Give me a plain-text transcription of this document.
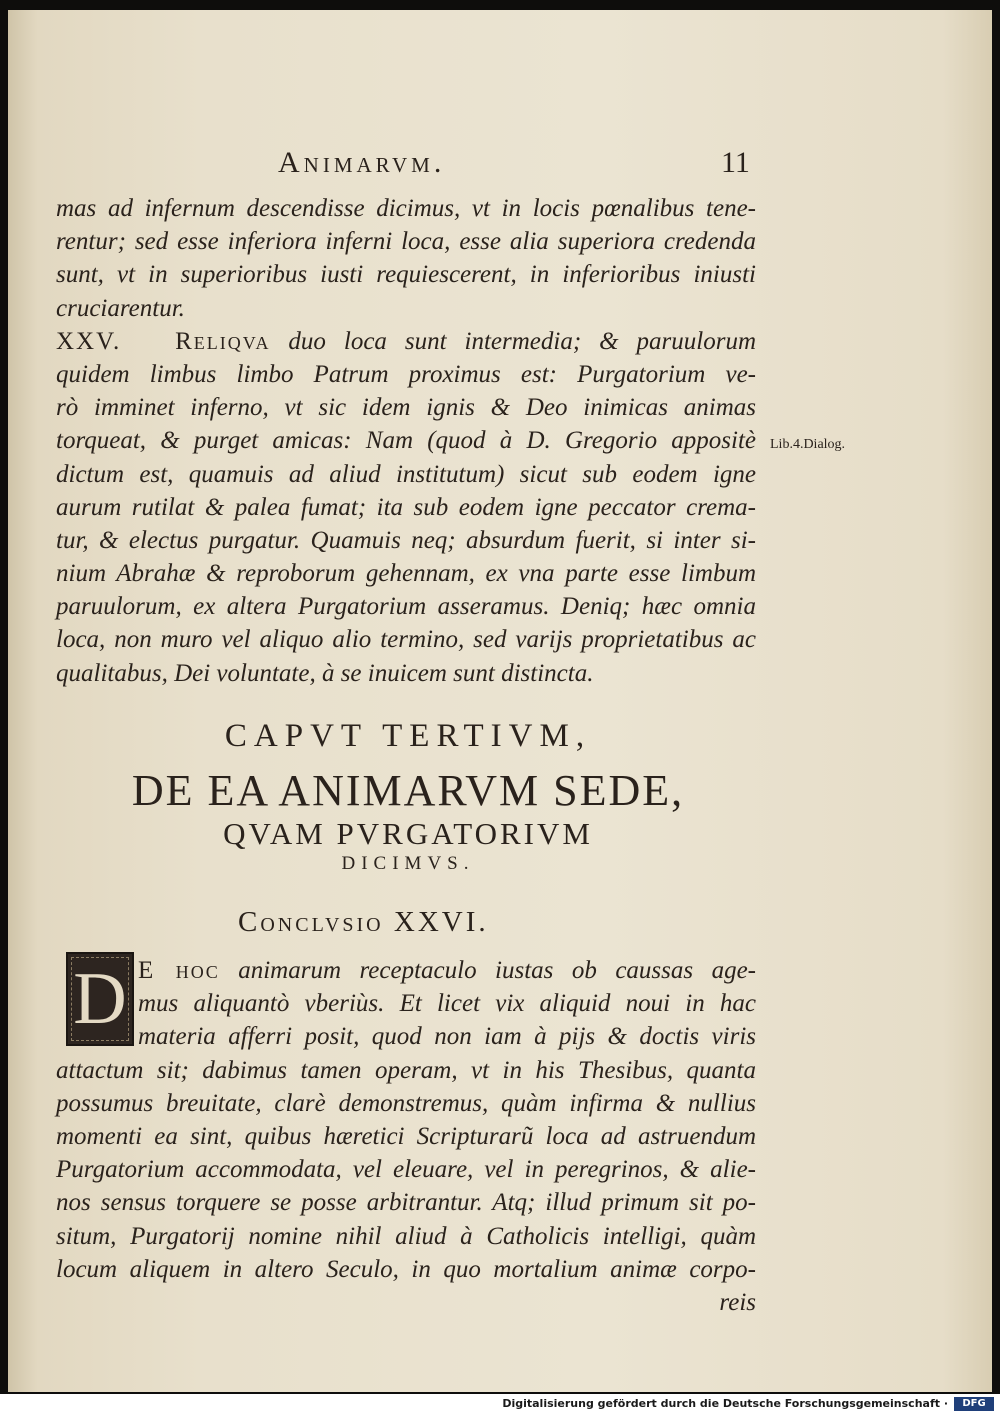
Animarvm.	11
mas ad infernum descendisse dicimus, vt in locis pœnalibus tene-
rentur; sed esse inferiora inferni loca, esse alia superiora credenda
sunt, vt in superioribus iusti requiescerent, in inferioribus iniusti
cruciarentur.
XXV. Reliqva duo loca sunt intermedia; & paruulorum
quidem limbus limbo Patrum proximus est: Purgatorium ve-
rò imminet inferno, vt sic idem ignis & Deo inimicas animas
torqueat, & purget amicas: Nam (quod à D. Gregorio appositè
dictum est, quamuis ad aliud institutum) sicut sub eodem igne
aurum rutilat & palea fumat; ita sub eodem igne peccator crema-
tur, & electus purgatur. Quamuis neq; absurdum fuerit, si inter si-
nium Abrahæ & reproborum gehennam, ex vna parte esse limbum
paruulorum, ex altera Purgatorium asseramus. Deniq; hæc omnia
loca, non muro vel aliquo alio termino, sed varijs proprietatibus ac
qualitabus, Dei voluntate, à se inuicem sunt distincta.
Lib.4.Dialog.
CAPVT TERTIVM,
DE EA ANIMARVM SEDE,
QVAM PVRGATORIVM
DICIMVS.
Conclvsio XXVI.
D E hoc animarum receptaculo iustas ob caussas age-
mus aliquantò vberiùs. Et licet vix aliquid noui in hac
materia afferri posit, quod non iam à pijs & doctis viris
attactum sit; dabimus tamen operam, vt in his Thesibus, quanta
possumus breuitate, clarè demonstremus, quàm infirma & nullius
momenti ea sint, quibus hæretici Scripturarũ loca ad astruendum
Purgatorium accommodata, vel eleuare, vel in peregrinos, & alie-
nos sensus torquere se posse arbitrantur. Atq; illud primum sit po-
situm, Purgatorij nomine nihil aliud à Catholicis intelligi, quàm
locum aliquem in altero Seculo, in quo mortalium animæ corpo-
reis
Digitalisierung gefördert durch die Deutsche Forschungsgemeinschaft ·	DFG
